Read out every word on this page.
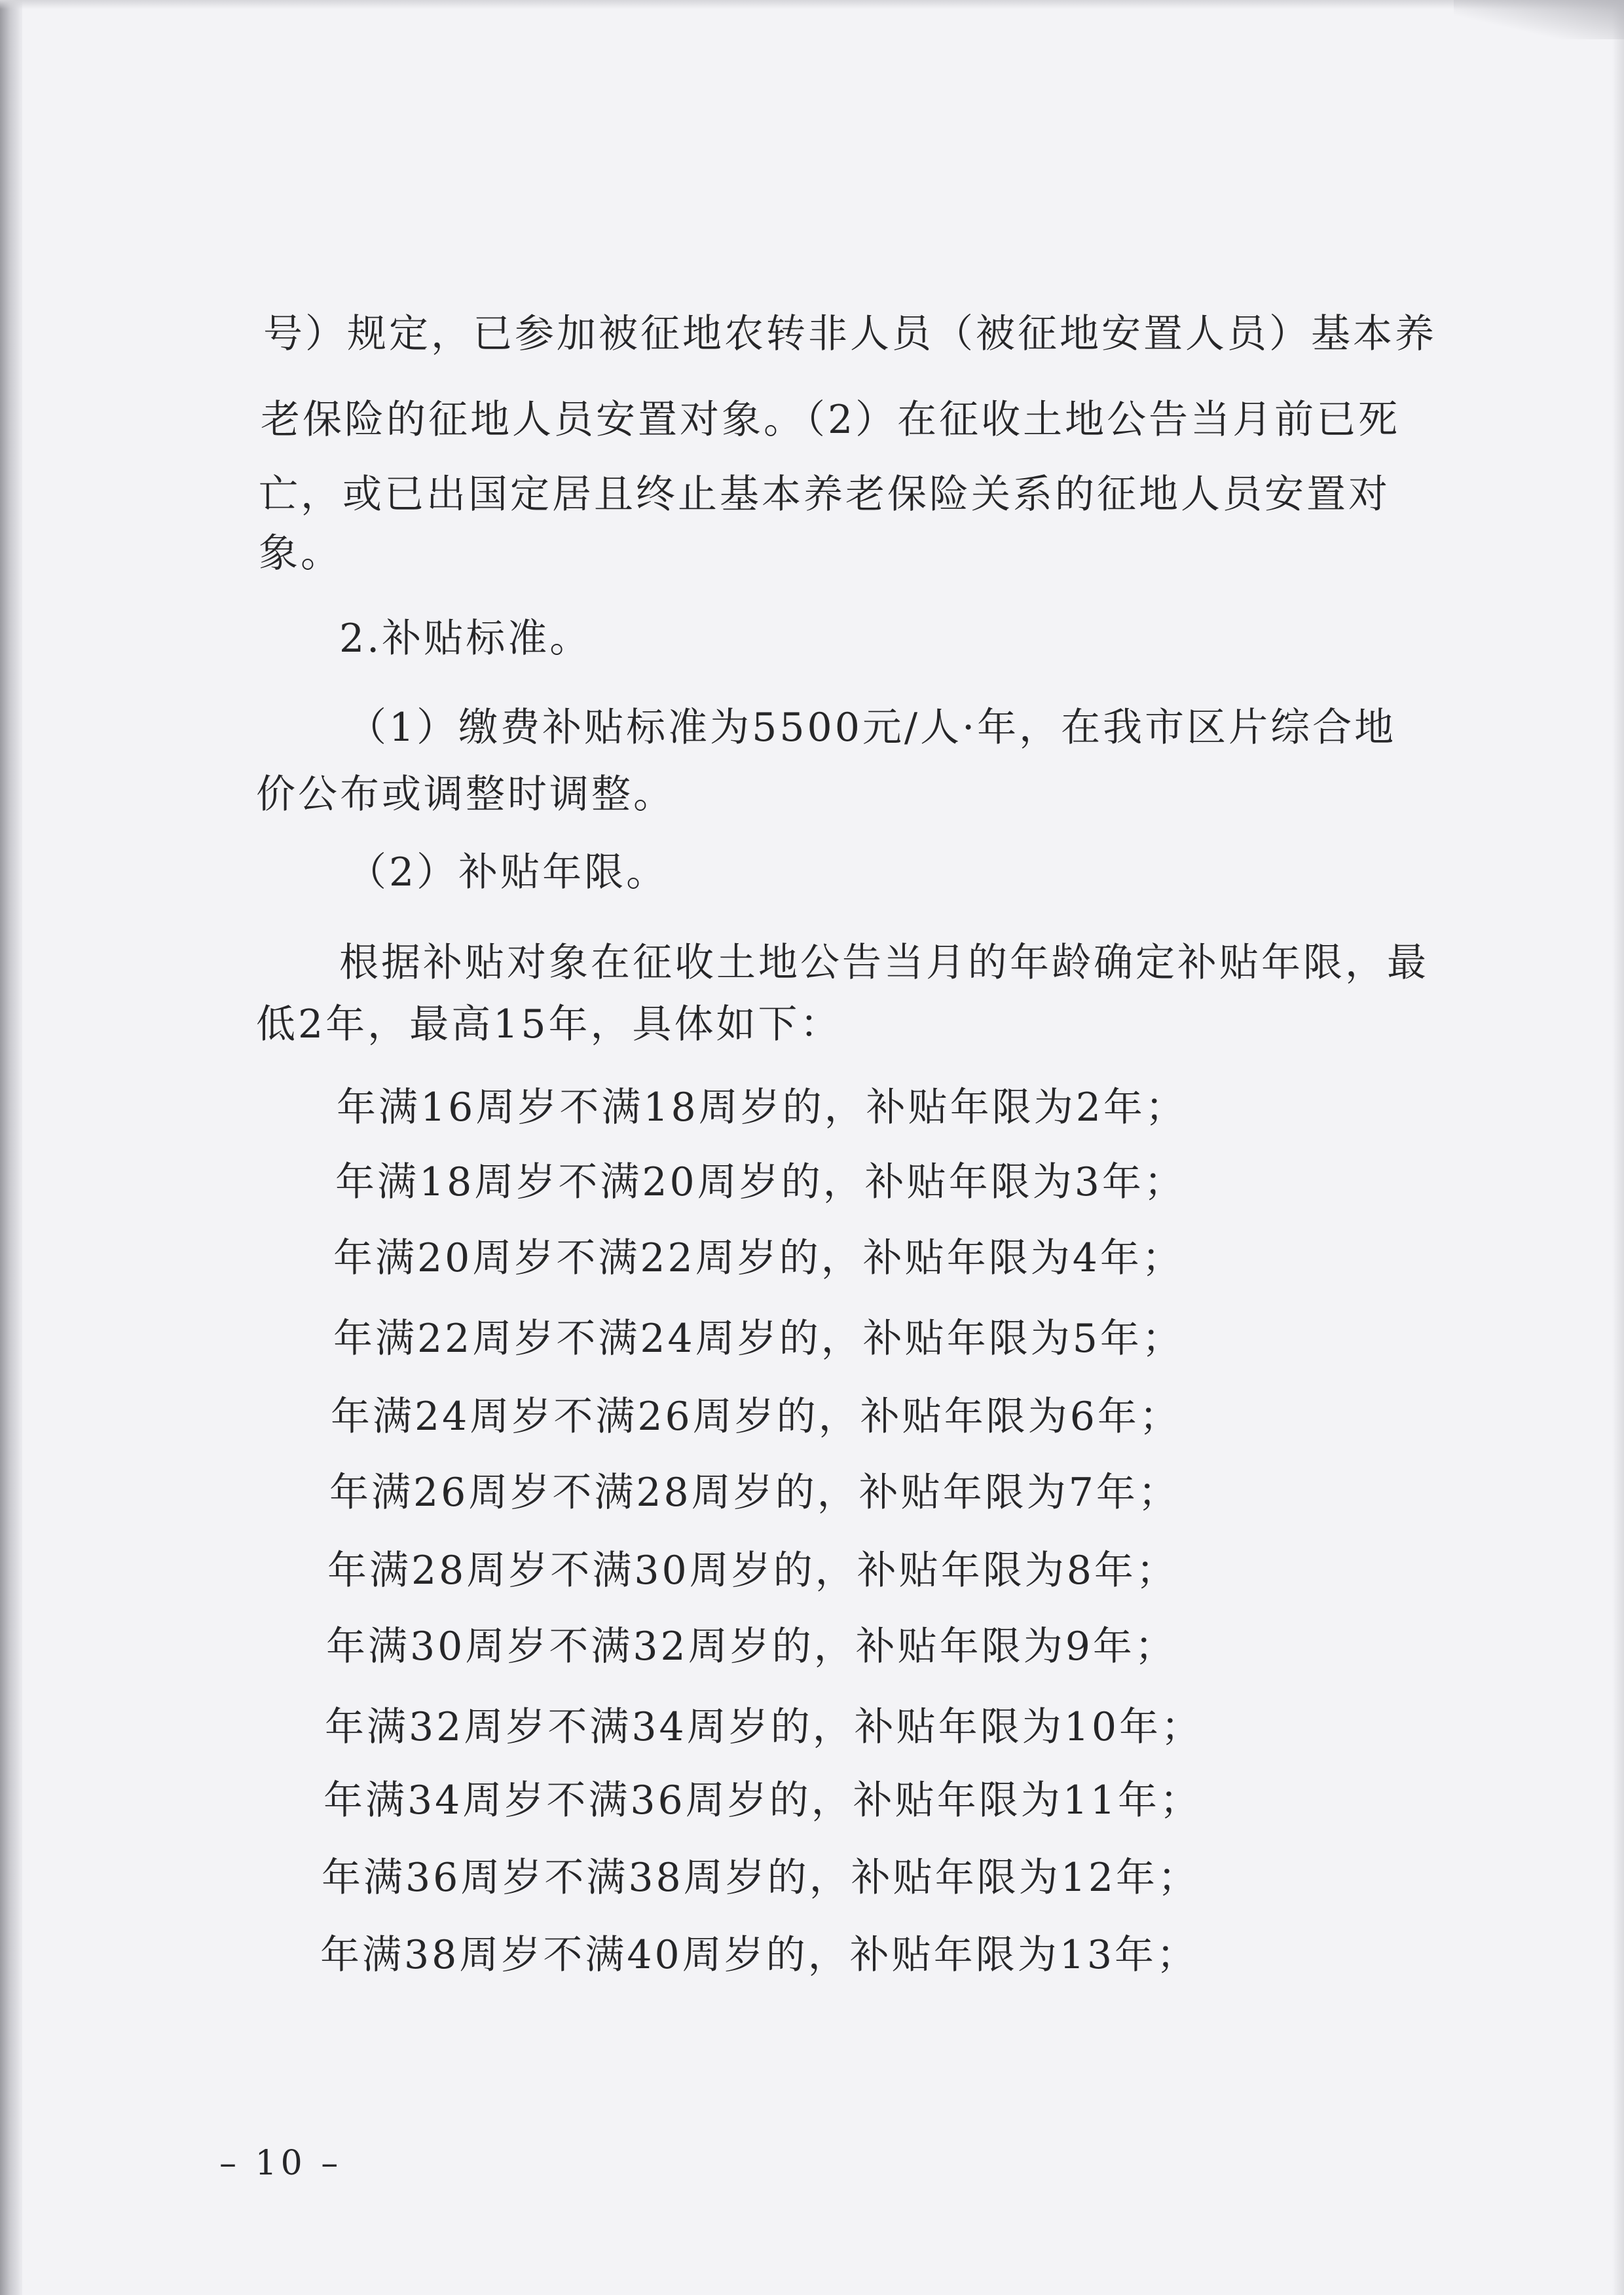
号）规定，已参加被征地农转非人员（被征地安置人员）基本养
老保险的征地人员安置对象。（2）在征收土地公告当月前已死
亡，或已出国定居且终止基本养老保险关系的征地人员安置对
象。
2.补贴标准。
（1）缴费补贴标准为5500元/人·年，在我市区片综合地
价公布或调整时调整。
（2）补贴年限。
根据补贴对象在征收土地公告当月的年龄确定补贴年限，最
低2年，最高15年，具体如下：
年满16周岁不满18周岁的，补贴年限为2年；
年满18周岁不满20周岁的，补贴年限为3年；
年满20周岁不满22周岁的，补贴年限为4年；
年满22周岁不满24周岁的，补贴年限为5年；
年满24周岁不满26周岁的，补贴年限为6年；
年满26周岁不满28周岁的，补贴年限为7年；
年满28周岁不满30周岁的，补贴年限为8年；
年满30周岁不满32周岁的，补贴年限为9年；
年满32周岁不满34周岁的，补贴年限为10年；
年满34周岁不满36周岁的，补贴年限为11年；
年满36周岁不满38周岁的，补贴年限为12年；
年满38周岁不满40周岁的，补贴年限为13年；
– 10 –
